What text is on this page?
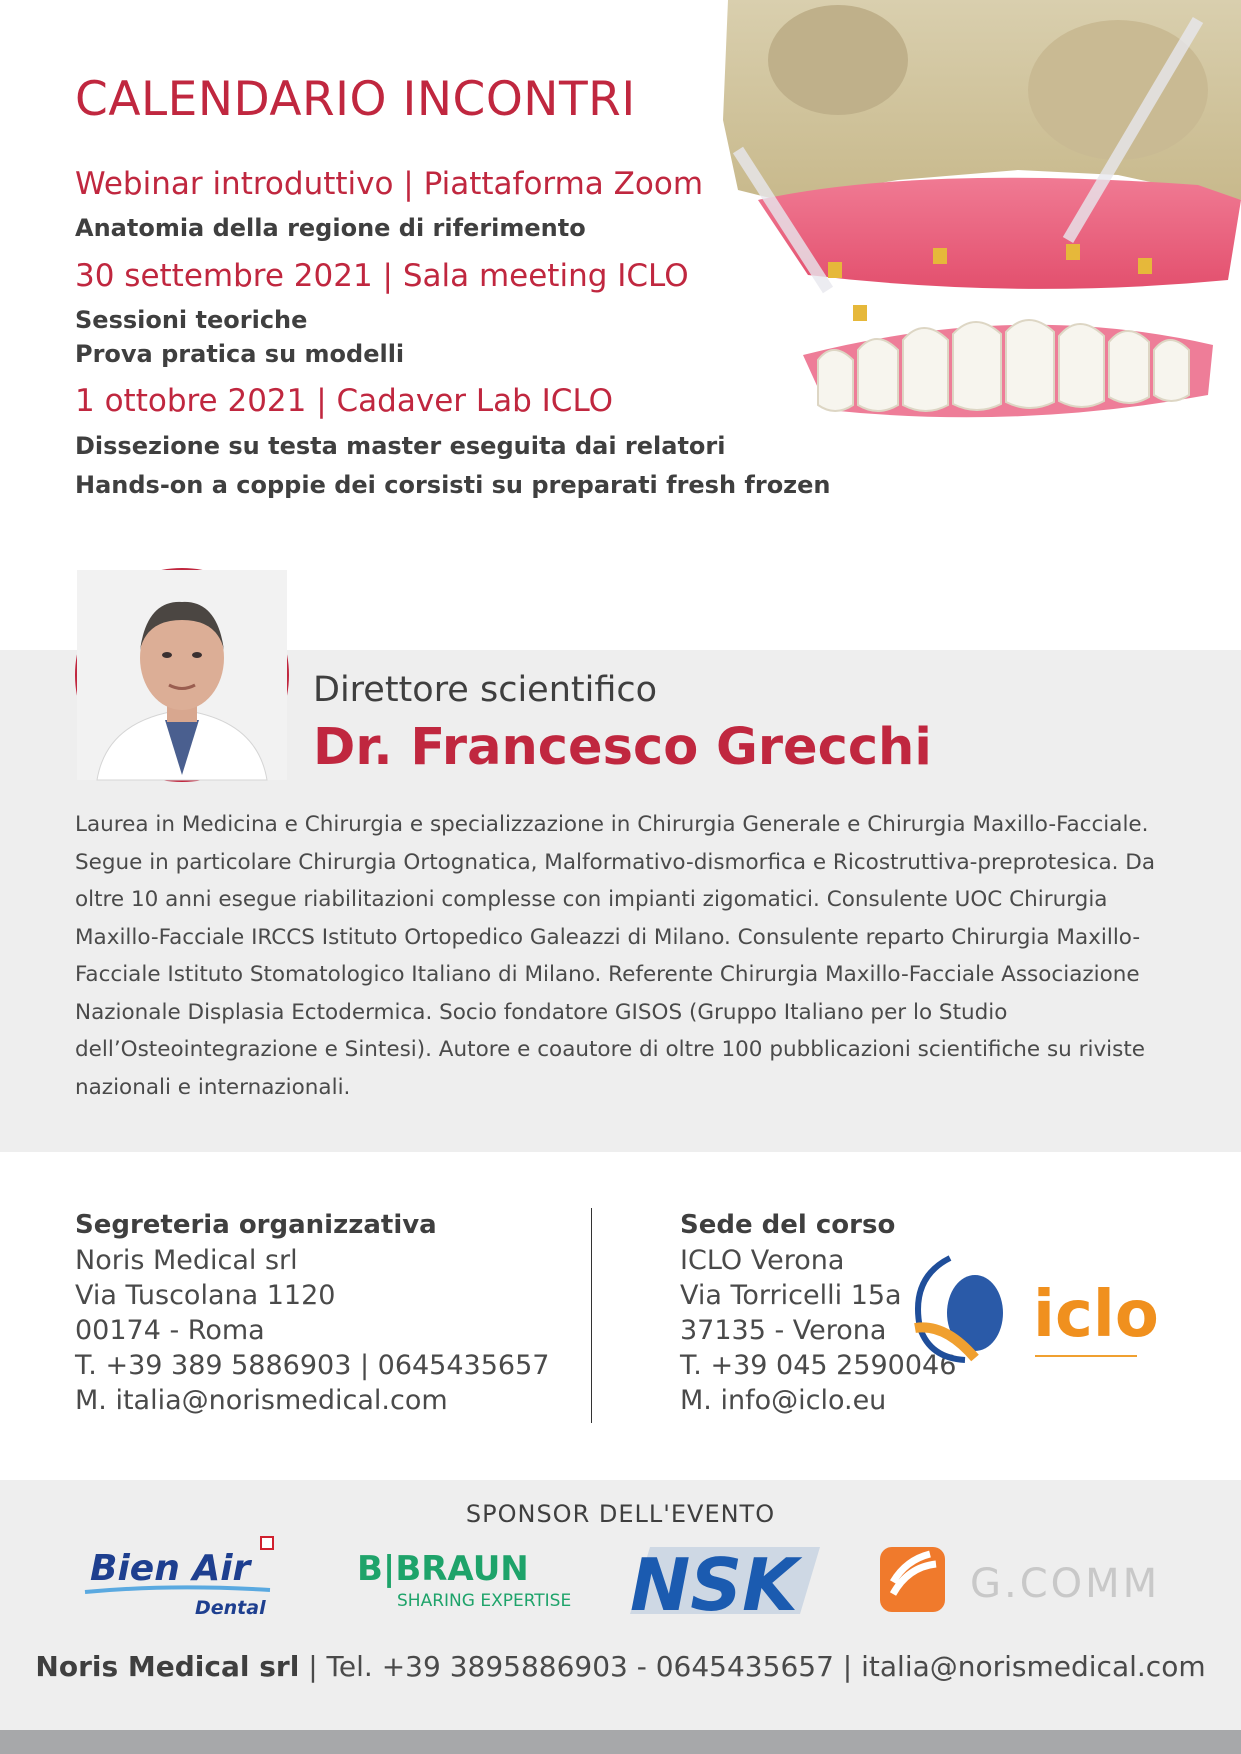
CALENDARIO INCONTRI
Webinar introduttivo | Piattaforma Zoom
Anatomia della regione di riferimento
30 settembre 2021 | Sala meeting ICLO
Sessioni teoriche
Prova pratica su modelli
1 ottobre 2021 | Cadaver Lab ICLO
Dissezione su testa master eseguita dai relatori
Hands-on a coppie dei corsisti su preparati fresh frozen
Direttore scientifico
Dr. Francesco Grecchi
Laurea in Medicina e Chirurgia e specializzazione in Chirurgia Generale e Chirurgia Maxillo-Facciale. Segue in particolare Chirurgia Ortognatica, Malformativo-dismorfica e Ricostruttiva-preprotesica. Da oltre 10 anni esegue riabilitazioni complesse con impianti zigomatici. Consulente UOC Chirurgia Maxillo-Facciale IRCCS Istituto Ortopedico Galeazzi di Milano. Consulente reparto Chirurgia Maxillo-Facciale Istituto Stomatologico Italiano di Milano. Referente Chirurgia Maxillo-Facciale Associazione Nazionale Displasia Ectodermica. Socio fondatore GISOS (Gruppo Italiano per lo Studio dell’Osteointegrazione e Sintesi). Autore e coautore di oltre 100 pubblicazioni scientifiche su riviste nazionali e internazionali.
Segreteria organizzativa
Noris Medical srl
Via Tuscolana 1120
00174 - Roma
T. +39 389 5886903 | 0645435657
M. italia@norismedical.com
Sede del corso
ICLO Verona
Via Torricelli 15a
37135 - Verona
T. +39 045 2590046
M. info@iclo.eu
iclo
SPONSOR DELL'EVENTO
Bien Air
Dental
B|BRAUN
SHARING EXPERTISE NSK	G.COMM
Noris Medical srl | Tel. +39 3895886903 - 0645435657 | italia@norismedical.com
